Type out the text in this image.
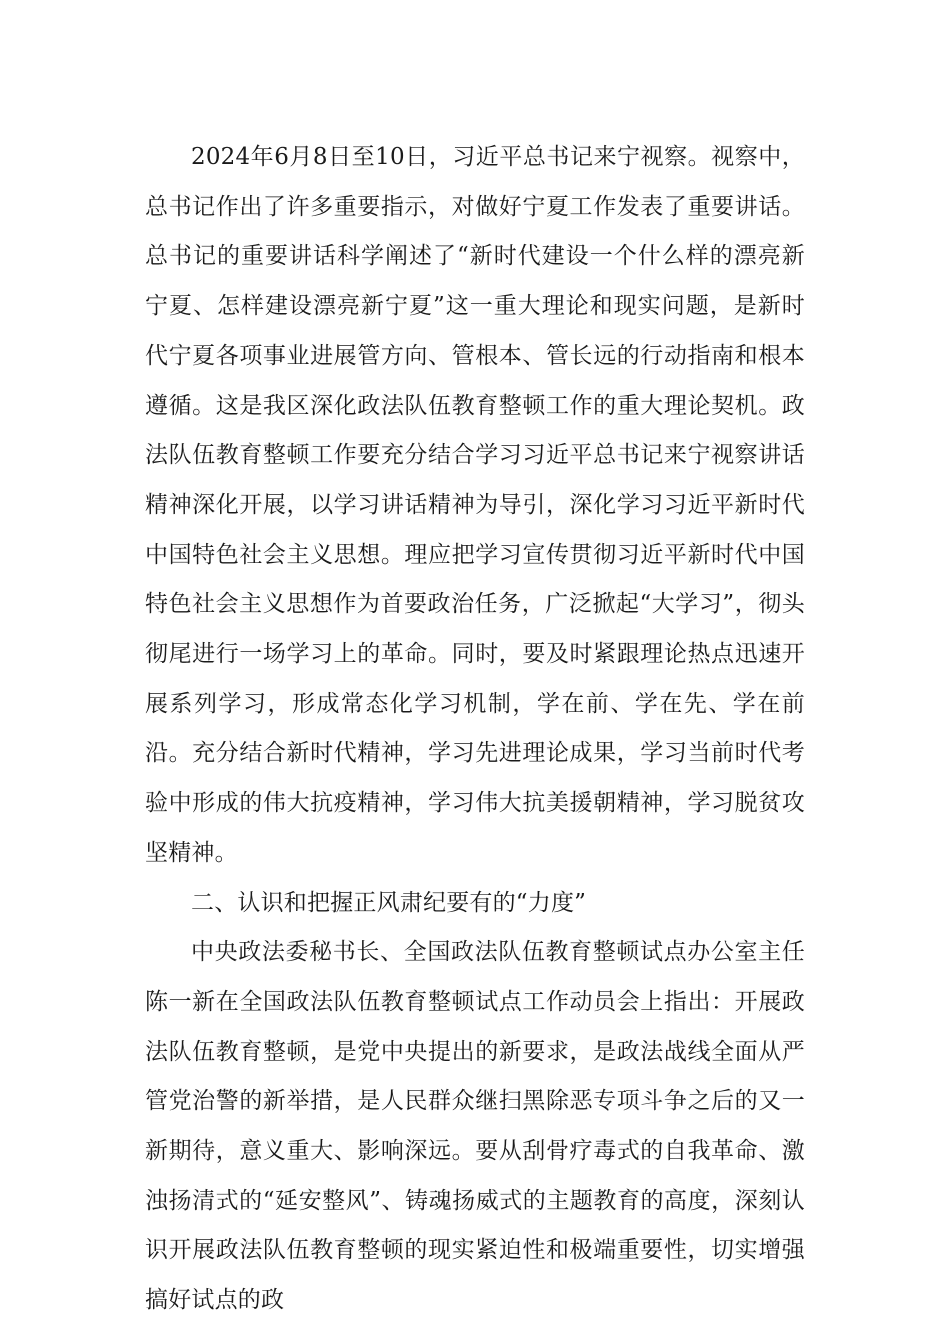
2024年6月8日至10日，习近平总书记来宁视察。视察中，总书记作出了许多重要指示，对做好宁夏工作发表了重要讲话。总书记的重要讲话科学阐述了“新时代建设一个什么样的漂亮新宁夏、怎样建设漂亮新宁夏”这一重大理论和现实问题，是新时代宁夏各项事业进展管方向、管根本、管长远的行动指南和根本遵循。这是我区深化政法队伍教育整顿工作的重大理论契机。政法队伍教育整顿工作要充分结合学习习近平总书记来宁视察讲话精神深化开展，以学习讲话精神为导引，深化学习习近平新时代中国特色社会主义思想。理应把学习宣传贯彻习近平新时代中国特色社会主义思想作为首要政治任务，广泛掀起“大学习”，彻头彻尾进行一场学习上的革命。同时，要及时紧跟理论热点迅速开展系列学习，形成常态化学习机制，学在前、学在先、学在前沿。充分结合新时代精神，学习先进理论成果，学习当前时代考验中形成的伟大抗疫精神，学习伟大抗美援朝精神，学习脱贫攻坚精神。

二、认识和把握正风肃纪要有的“力度”

中央政法委秘书长、全国政法队伍教育整顿试点办公室主任陈一新在全国政法队伍教育整顿试点工作动员会上指出：开展政法队伍教育整顿，是党中央提出的新要求，是政法战线全面从严管党治警的新举措，是人民群众继扫黑除恶专项斗争之后的又一新期待，意义重大、影响深远。要从刮骨疗毒式的自我革命、激浊扬清式的“延安整风”、铸魂扬威式的主题教育的高度，深刻认识开展政法队伍教育整顿的现实紧迫性和极端重要性，切实增强搞好试点的政
